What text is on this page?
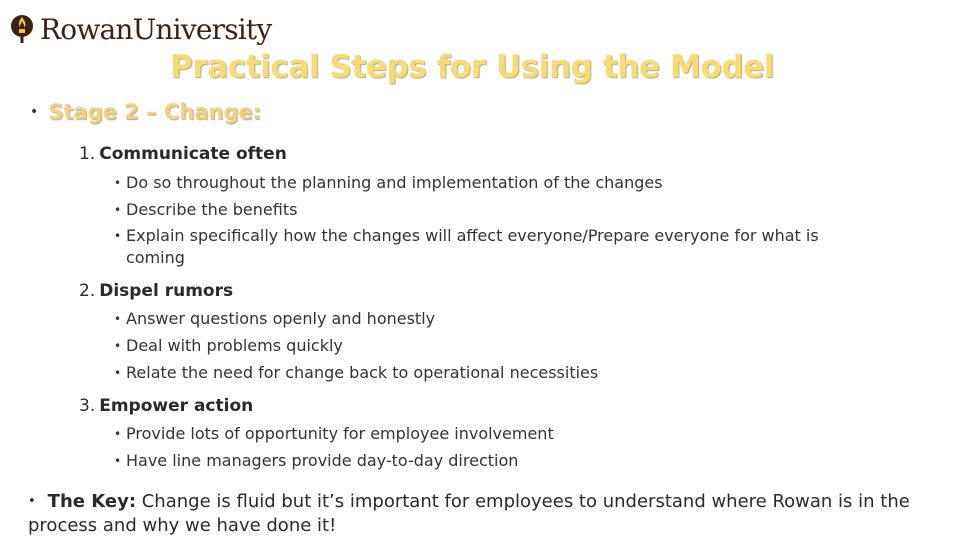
RowanUniversity
Practical Steps for Using the Model
• Stage 2 – Change:
1. Communicate often
• Do so throughout the planning and implementation of the changes
• Describe the benefits
• Explain specifically how the changes will affect everyone/Prepare everyone for what is coming
2. Dispel rumors
• Answer questions openly and honestly
• Deal with problems quickly
• Relate the need for change back to operational necessities
3. Empower action
• Provide lots of opportunity for employee involvement
• Have line managers provide day-to-day direction
• The Key: Change is fluid but it’s important for employees to understand where Rowan is in the process and why we have done it!
